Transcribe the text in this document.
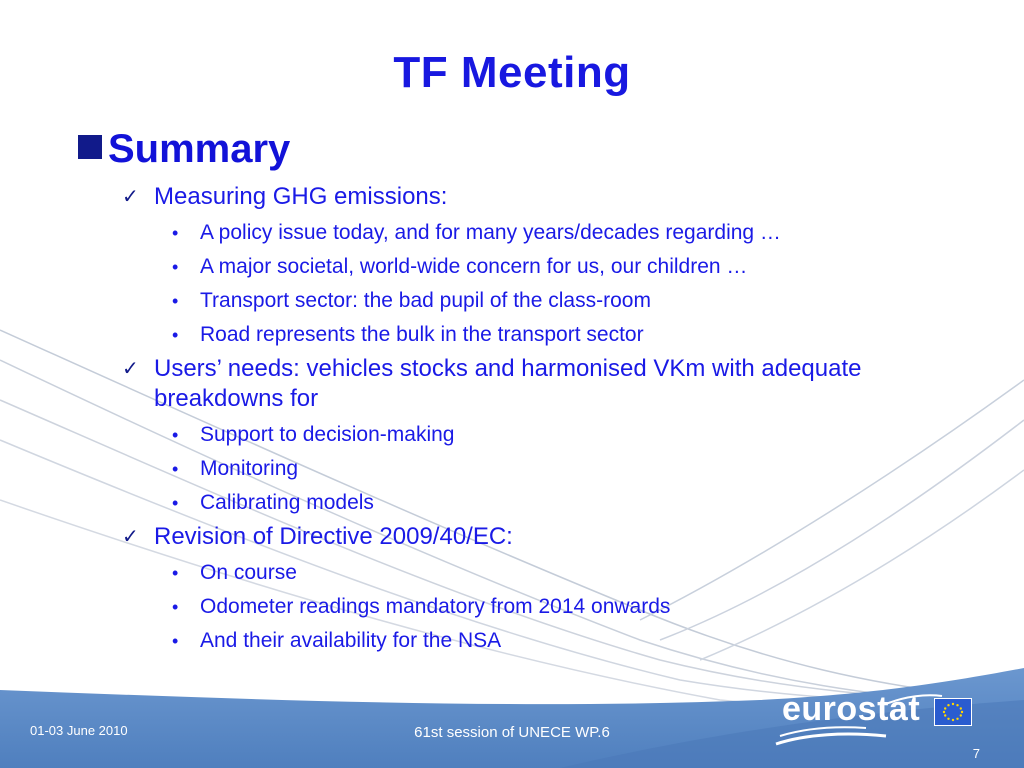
TF Meeting
Summary
✓ Measuring GHG emissions:
•	A policy issue today, and for many years/decades regarding …
•	A major societal, world-wide concern for us, our children …
•	Transport sector: the bad pupil of the class-room
•	Road represents the bulk in the transport sector
✓ Users’ needs: vehicles stocks and harmonised VKm with adequate breakdowns for
•	Support to decision-making
•	Monitoring
•	Calibrating models
✓ Revision of Directive 2009/40/EC:
•	On course
•	Odometer readings mandatory from 2014 onwards
•	And their availability for the NSA
01-03 June 2010	61st session of UNECE WP.6
7
eurostat
